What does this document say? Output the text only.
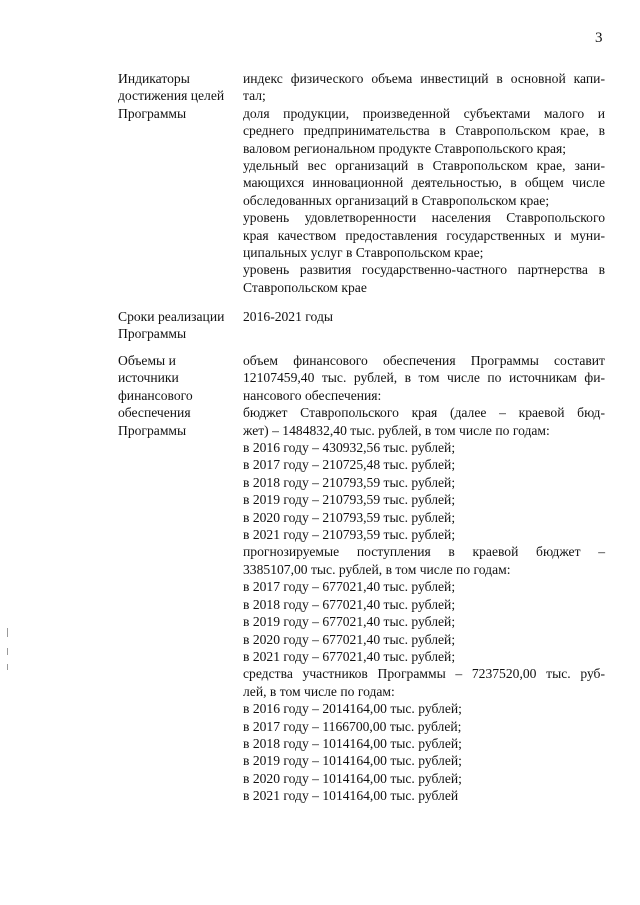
3
Индикаторы
достижения целей
Программы
индекс физического объема инвестиций в основной капи-
тал;
доля продукции, произведенной субъектами малого и
среднего предпринимательства в Ставропольском крае, в
валовом региональном продукте Ставропольского края;
удельный вес организаций в Ставропольском крае, зани-
мающихся инновационной деятельностью, в общем числе
обследованных организаций в Ставропольском крае;
уровень удовлетворенности населения Ставропольского
края качеством предоставления государственных и муни-
ципальных услуг в Ставропольском крае;
уровень развития государственно-частного партнерства в
Ставропольском крае
Сроки реализации
Программы
2016-2021 годы
Объемы и
источники
финансового
обеспечения
Программы
объем финансового обеспечения Программы составит
12107459,40 тыс. рублей, в том числе по источникам фи-
нансового обеспечения:
бюджет Ставропольского края (далее – краевой бюд-
жет) – 1484832,40 тыс. рублей, в том числе по годам:
в 2016 году – 430932,56 тыс. рублей;
в 2017 году – 210725,48 тыс. рублей;
в 2018 году – 210793,59 тыс. рублей;
в 2019 году – 210793,59 тыс. рублей;
в 2020 году – 210793,59 тыс. рублей;
в 2021 году – 210793,59 тыс. рублей;
прогнозируемые поступления в краевой бюджет –
3385107,00 тыс. рублей, в том числе по годам:
в 2017 году – 677021,40 тыс. рублей;
в 2018 году – 677021,40 тыс. рублей;
в 2019 году – 677021,40 тыс. рублей;
в 2020 году – 677021,40 тыс. рублей;
в 2021 году – 677021,40 тыс. рублей;
средства участников Программы – 7237520,00 тыс. руб-
лей, в том числе по годам:
в 2016 году – 2014164,00 тыс. рублей;
в 2017 году – 1166700,00 тыс. рублей;
в 2018 году – 1014164,00 тыс. рублей;
в 2019 году – 1014164,00 тыс. рублей;
в 2020 году – 1014164,00 тыс. рублей;
в 2021 году – 1014164,00 тыс. рублей
